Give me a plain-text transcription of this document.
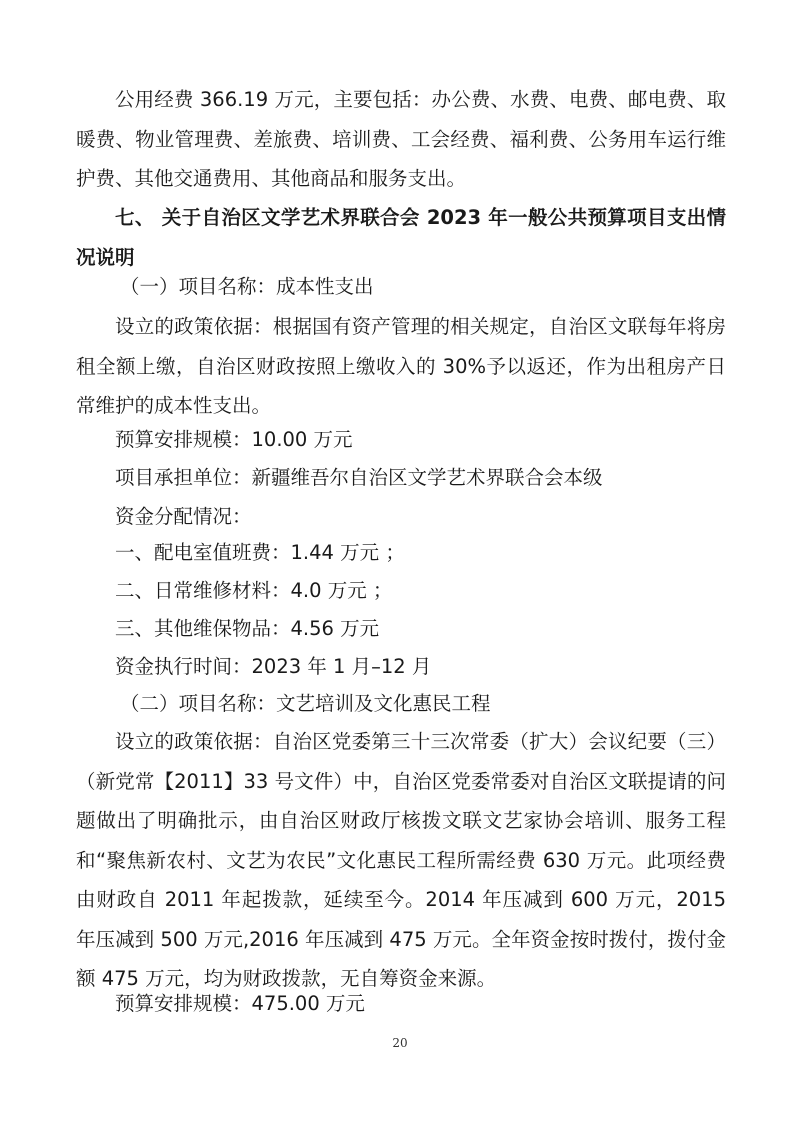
公用经费 366.19 万元，主要包括：办公费、水费、电费、邮电费、取暖费、物业管理费、差旅费、培训费、工会经费、福利费、公务用车运行维护费、其他交通费用、其他商品和服务支出。

七、 关于自治区文学艺术界联合会 2023 年一般公共预算项目支出情况说明

（一）项目名称：成本性支出

设立的政策依据：根据国有资产管理的相关规定，自治区文联每年将房租全额上缴，自治区财政按照上缴收入的 30%予以返还，作为出租房产日常维护的成本性支出。

预算安排规模：10.00 万元

项目承担单位：新疆维吾尔自治区文学艺术界联合会本级

资金分配情况：

一、配电室值班费：1.44 万元 ；

二、日常维修材料：4.0 万元 ；

三、其他维保物品：4.56 万元

资金执行时间：2023 年 1 月–12 月

（二）项目名称：文艺培训及文化惠民工程

设立的政策依据：自治区党委第三十三次常委（扩大）会议纪要（三）（新党常【2011】33 号文件）中，自治区党委常委对自治区文联提请的问题做出了明确批示，由自治区财政厅核拨文联文艺家协会培训、服务工程和“聚焦新农村、文艺为农民”文化惠民工程所需经费 630 万元。此项经费由财政自 2011 年起拨款，延续至今。2014 年压减到 600 万元，2015 年压减到 500 万元,2016 年压减到 475 万元。全年资金按时拨付，拨付金额 475 万元，均为财政拨款，无自筹资金来源。

预算安排规模：475.00 万元

20
